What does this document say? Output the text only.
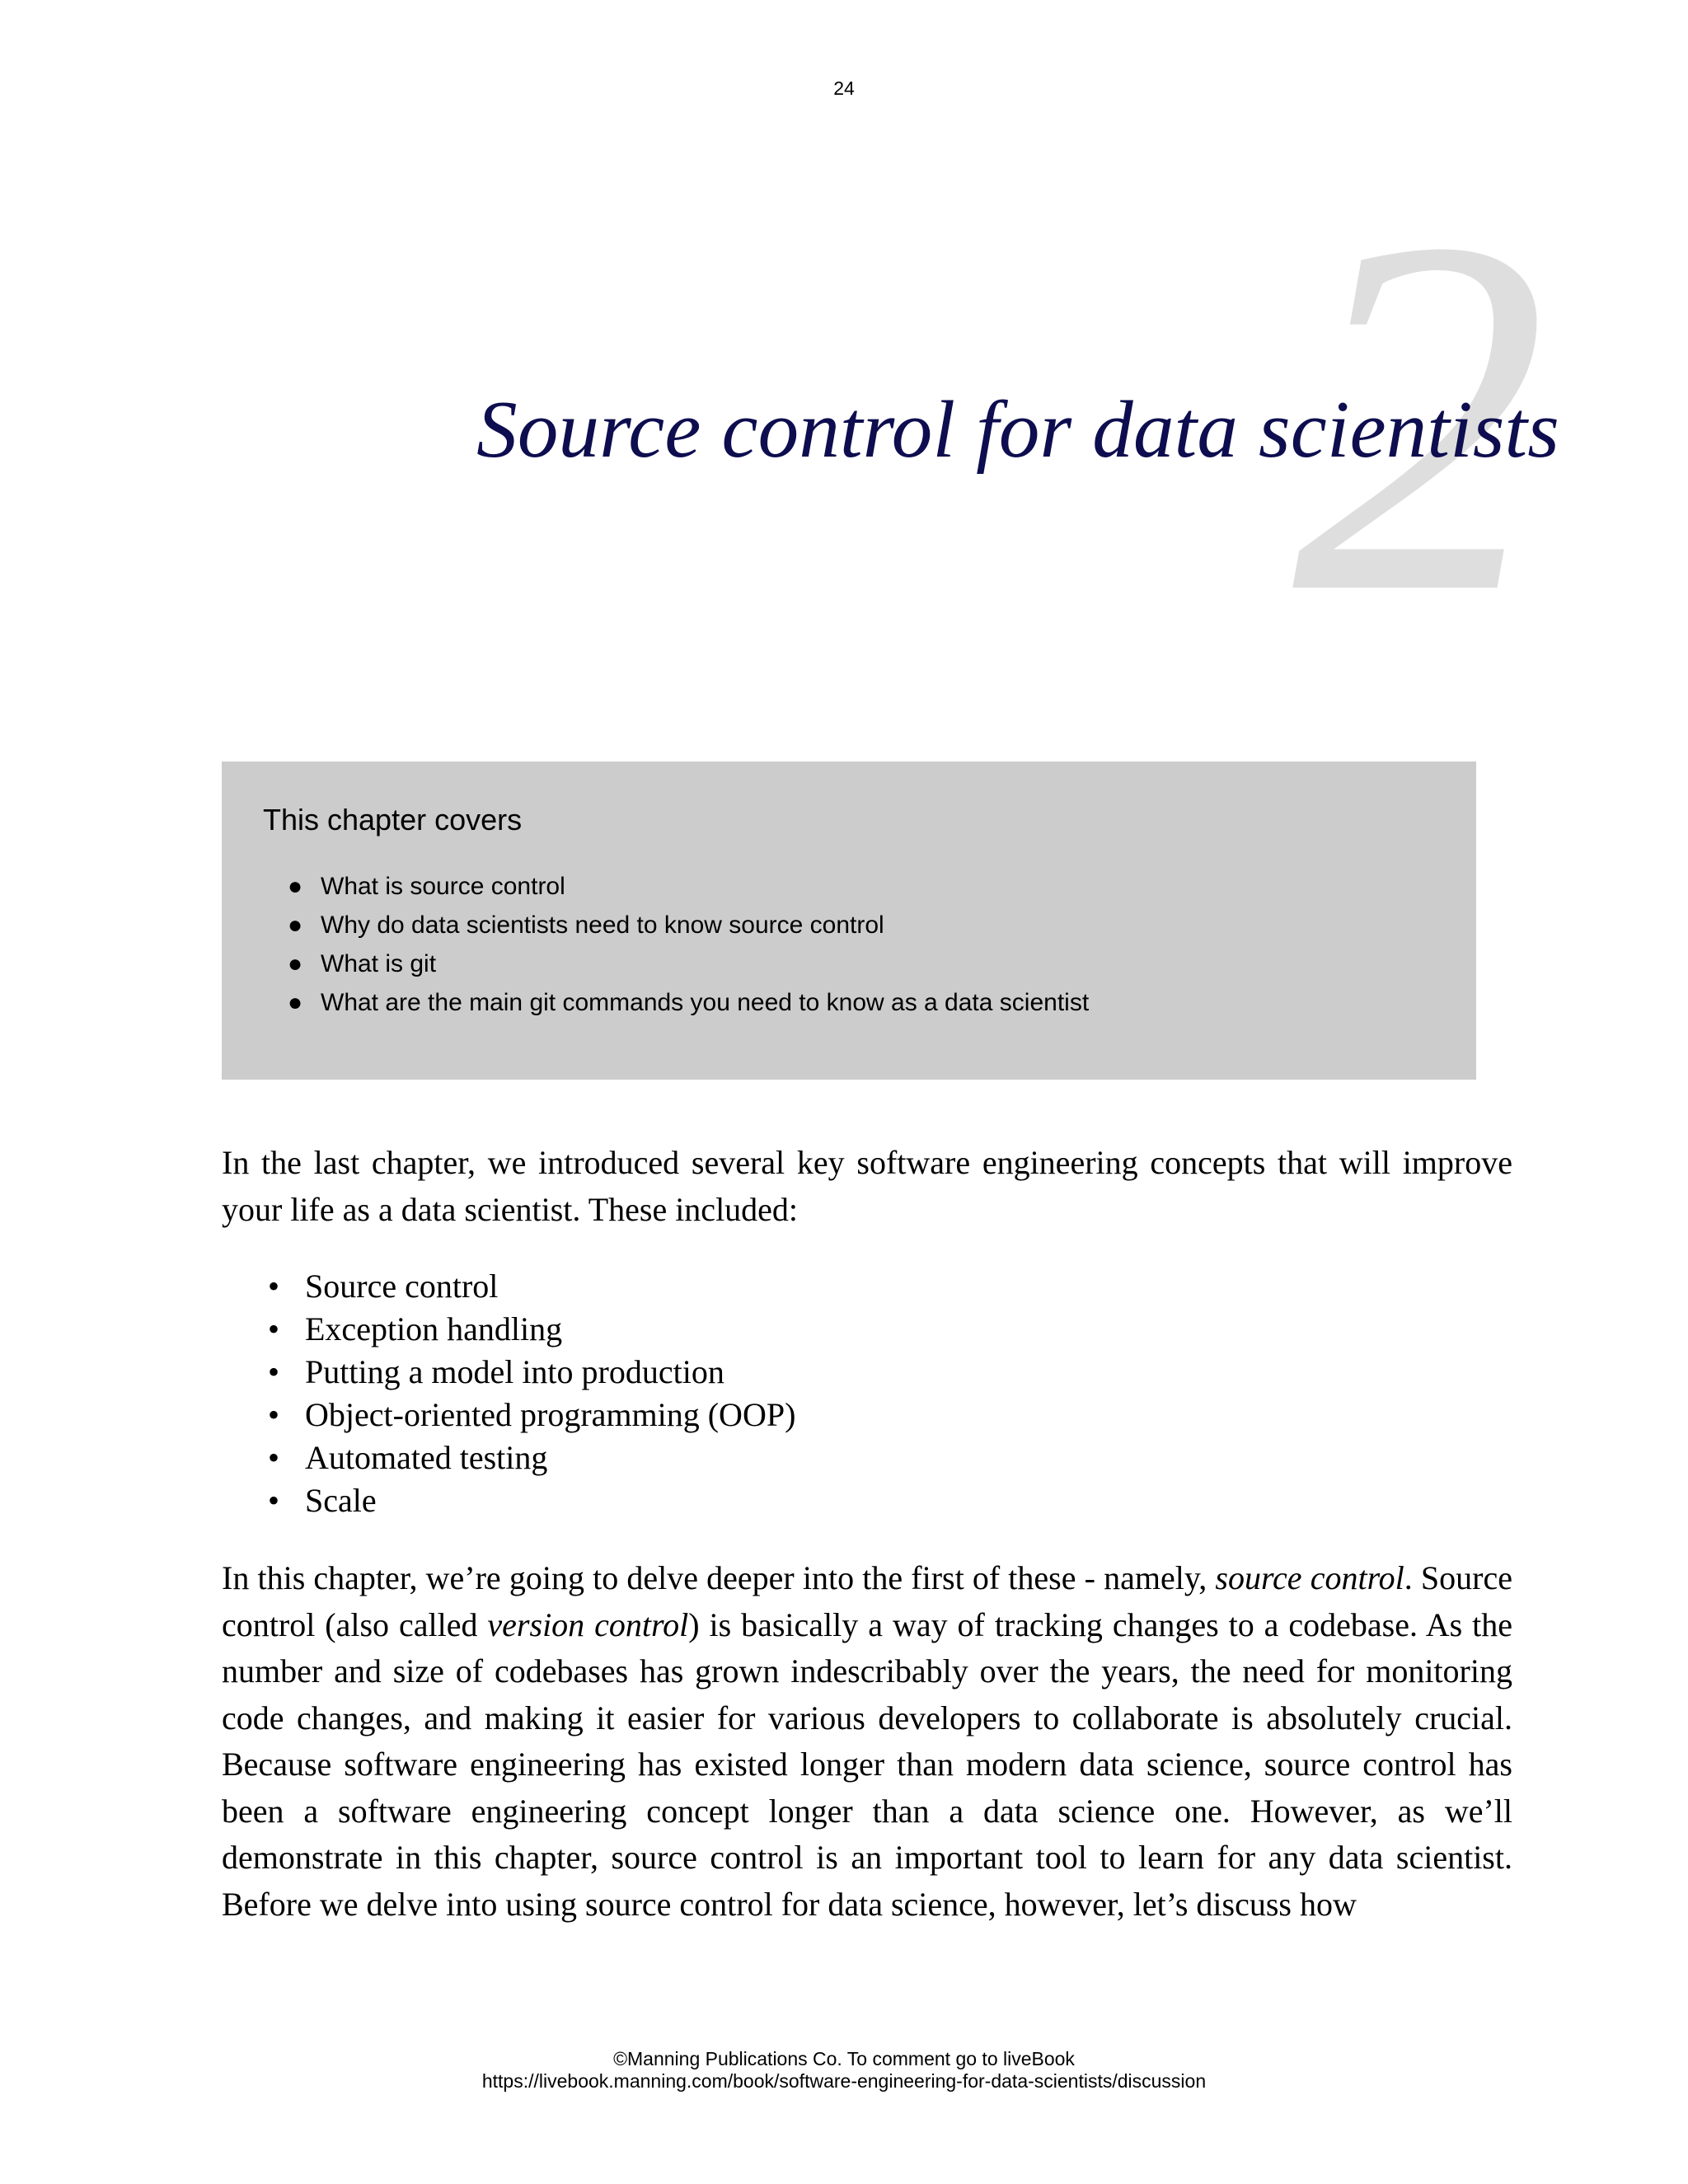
24
2
Source control for data scientists
This chapter covers
● What is source control
● Why do data scientists need to know source control
● What is git
● What are the main git commands you need to know as a data scientist

In the last chapter, we introduced several key software engineering concepts that will improve your life as a data scientist. These included:

• Source control
• Exception handling
• Putting a model into production
• Object-oriented programming (OOP)
• Automated testing
• Scale

In this chapter, we’re going to delve deeper into the first of these - namely, source control. Source control (also called version control) is basically a way of tracking changes to a codebase. As the number and size of codebases has grown indescribably over the years, the need for monitoring code changes, and making it easier for various developers to collaborate is absolutely crucial. Because software engineering has existed longer than modern data science, source control has been a software engineering concept longer than a data science one. However, as we’ll demonstrate in this chapter, source control is an important tool to learn for any data scientist. Before we delve into using source control for data science, however, let’s discuss how

©Manning Publications Co. To comment go to liveBook
https://livebook.manning.com/book/software-engineering-for-data-scientists/discussion
